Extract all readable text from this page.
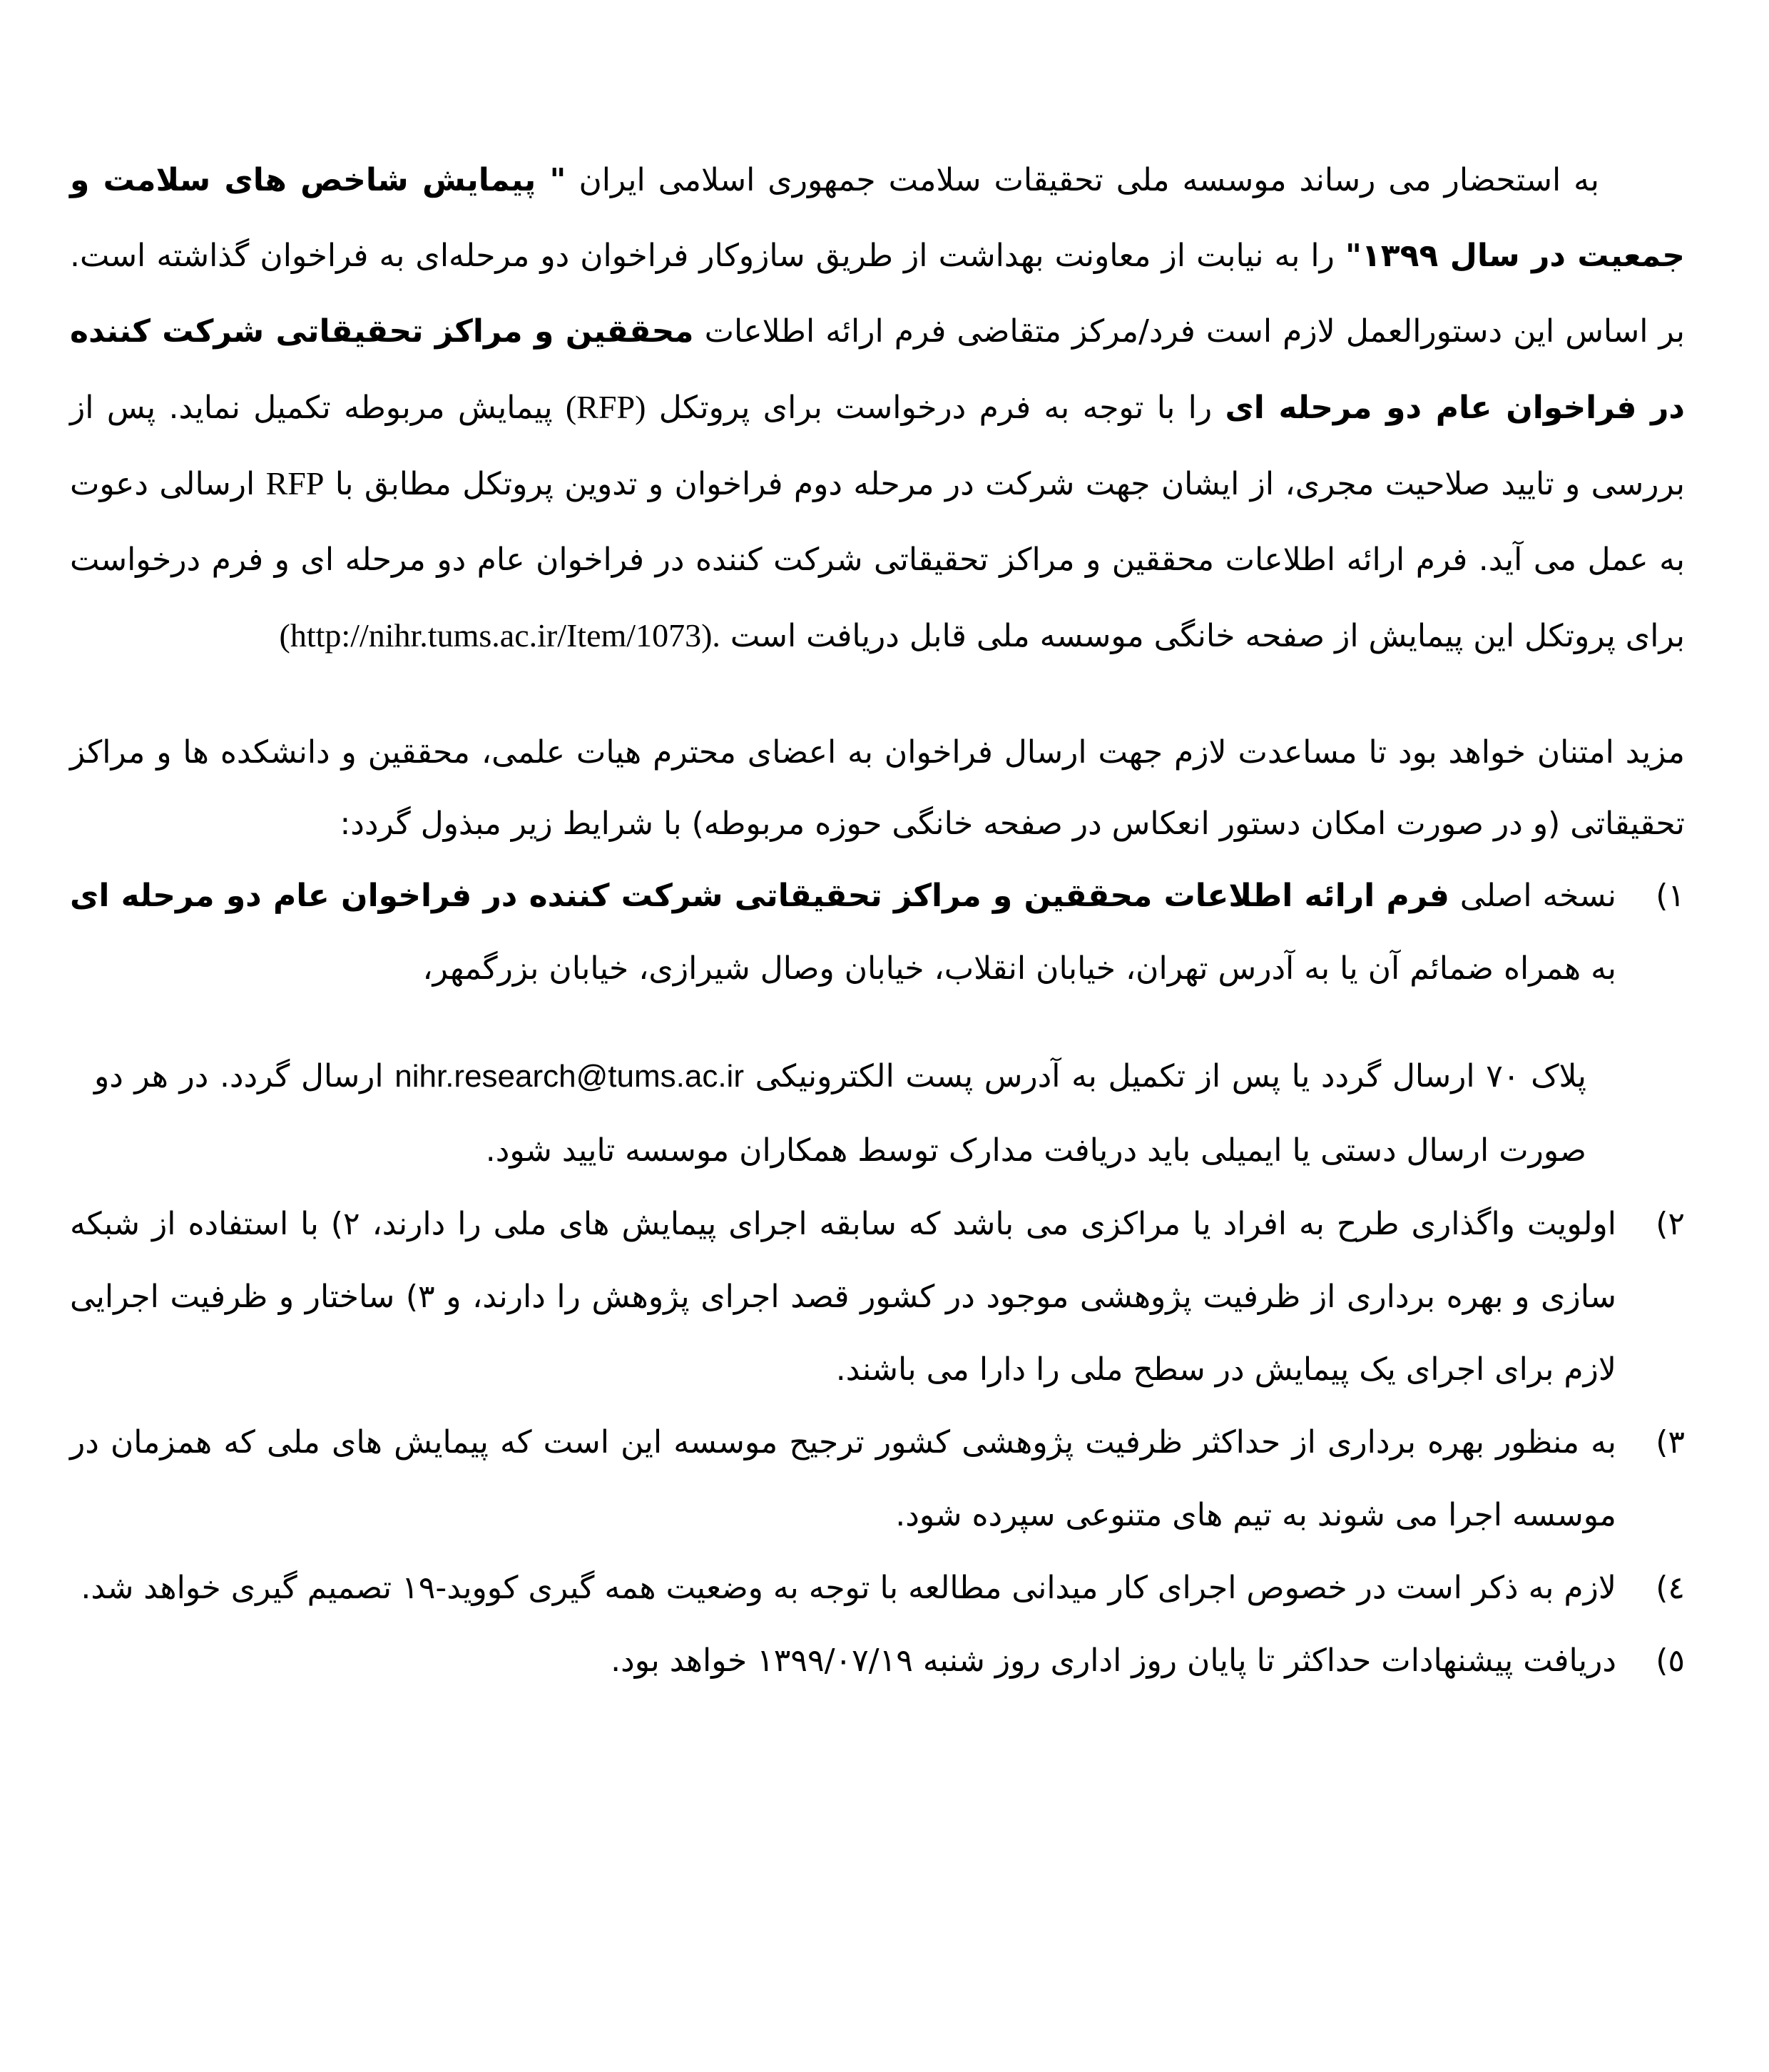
به استحضار می رساند موسسه ملی تحقیقات سلامت جمهوری اسلامی ایران " پیمایش شاخص های سلامت و جمعیت در سال ۱۳۹۹" را به نیابت از معاونت بهداشت از طریق سازوکار فراخوان دو مرحله‌ای به فراخوان گذاشته است. بر اساس این دستورالعمل لازم است فرد/مرکز متقاضی فرم ارائه اطلاعات محققین و مراکز تحقیقاتی شرکت کننده در فراخوان عام دو مرحله ای را با توجه به فرم درخواست برای پروتکل (RFP) پیمایش مربوطه تکمیل نماید. پس از بررسی و تایید صلاحیت مجری، از ایشان جهت شرکت در مرحله دوم فراخوان و تدوین پروتکل مطابق با RFP ارسالی دعوت به عمل می آید. فرم ارائه اطلاعات محققین و مراکز تحقیقاتی شرکت کننده در فراخوان عام دو مرحله ای و فرم درخواست برای پروتکل این پیمایش از صفحه خانگی موسسه ملی قابل دریافت است (http://nihr.tums.ac.ir/Item/1073).

مزید امتنان خواهد بود تا مساعدت لازم جهت ارسال فراخوان به اعضای محترم هیات علمی، محققین و دانشکده ها و مراکز تحقیقاتی (و در صورت امکان دستور انعکاس در صفحه خانگی حوزه مربوطه) با شرایط زیر مبذول گردد:

۱)
نسخه اصلی فرم ارائه اطلاعات محققین و مراکز تحقیقاتی شرکت کننده در فراخوان عام دو مرحله ای به همراه ضمائم آن یا به آدرس تهران، خیابان انقلاب، خیابان وصال شیرازی، خیابان بزرگمهر،

پلاک ۷۰ ارسال گردد یا پس از تکمیل به آدرس پست الکترونیکی nihr.research@tums.ac.ir ارسال گردد. در هر دو صورت ارسال دستی یا ایمیلی باید دریافت مدارک توسط همکاران موسسه تایید شود.

۲)
اولویت واگذاری طرح به افراد یا مراکزی می باشد که سابقه اجرای پیمایش های ملی را دارند، ۲) با استفاده از شبکه سازی و بهره برداری از ظرفیت پژوهشی موجود در کشور قصد اجرای پژوهش را دارند، و ۳) ساختار و ظرفیت اجرایی لازم برای اجرای یک پیمایش در سطح ملی را دارا می باشند.
۳)
به منظور بهره برداری از حداکثر ظرفیت پژوهشی کشور ترجیح موسسه این است که پیمایش های ملی که همزمان در موسسه اجرا می شوند به تیم های متنوعی سپرده شود.
٤)
لازم به ذکر است در خصوص اجرای کار میدانی مطالعه با توجه به وضعیت همه گیری کووید-۱۹ تصمیم گیری خواهد شد.
٥)
دریافت پیشنهادات حداکثر تا پایان روز اداری روز شنبه ۱۳۹۹/۰۷/۱۹ خواهد بود.
